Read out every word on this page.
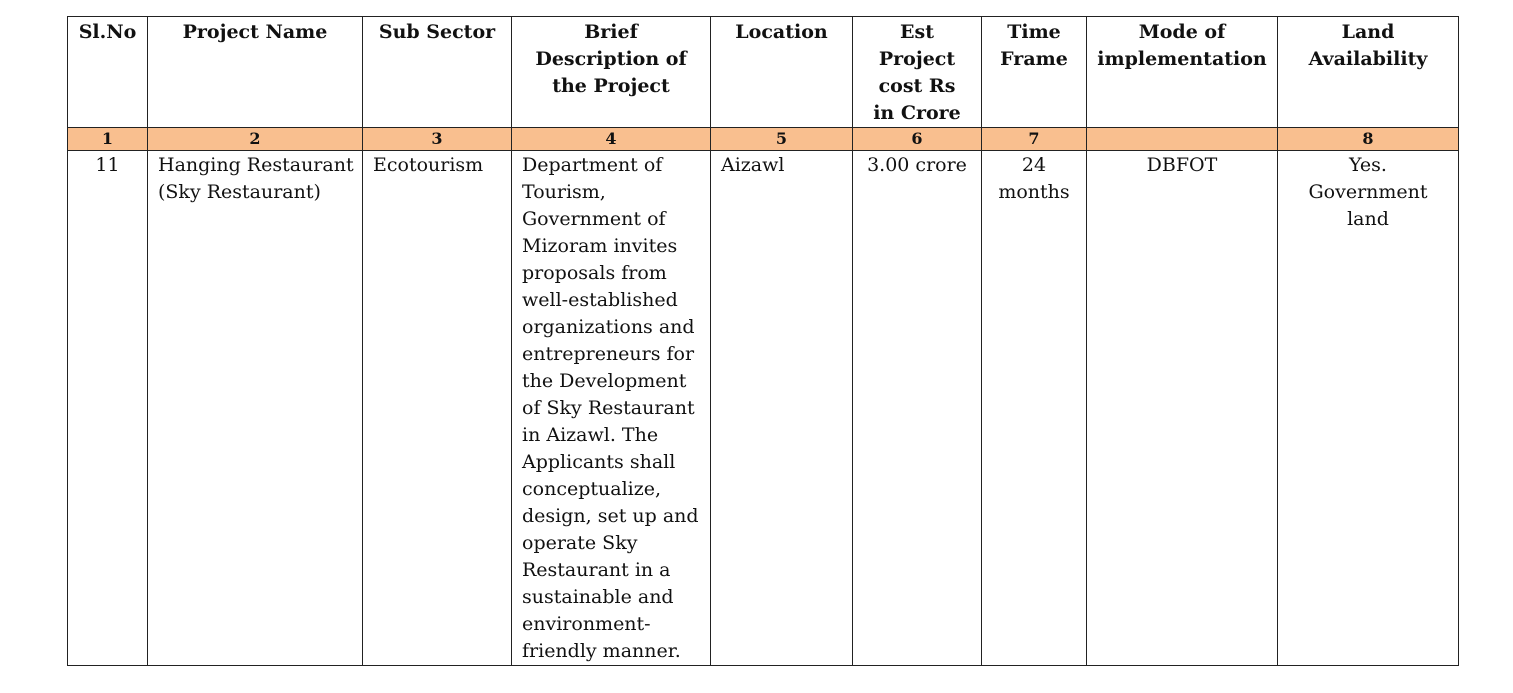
Sl.No	Project Name	Sub Sector	Brief Description of the Project	Location	Est Project cost Rs in Crore	Time Frame	Mode of implementation	Land Availability
1	2	3	4	5	6	7		8
11	Hanging Restaurant (Sky Restaurant)	Ecotourism	Department of Tourism, Government of Mizoram invites proposals from well-established organizations and entrepreneurs for the Development of Sky Restaurant in Aizawl. The Applicants shall conceptualize, design, set up and operate Sky Restaurant in a sustainable and environment-friendly manner.	Aizawl	3.00 crore	24 months	DBFOT	Yes. Government land
